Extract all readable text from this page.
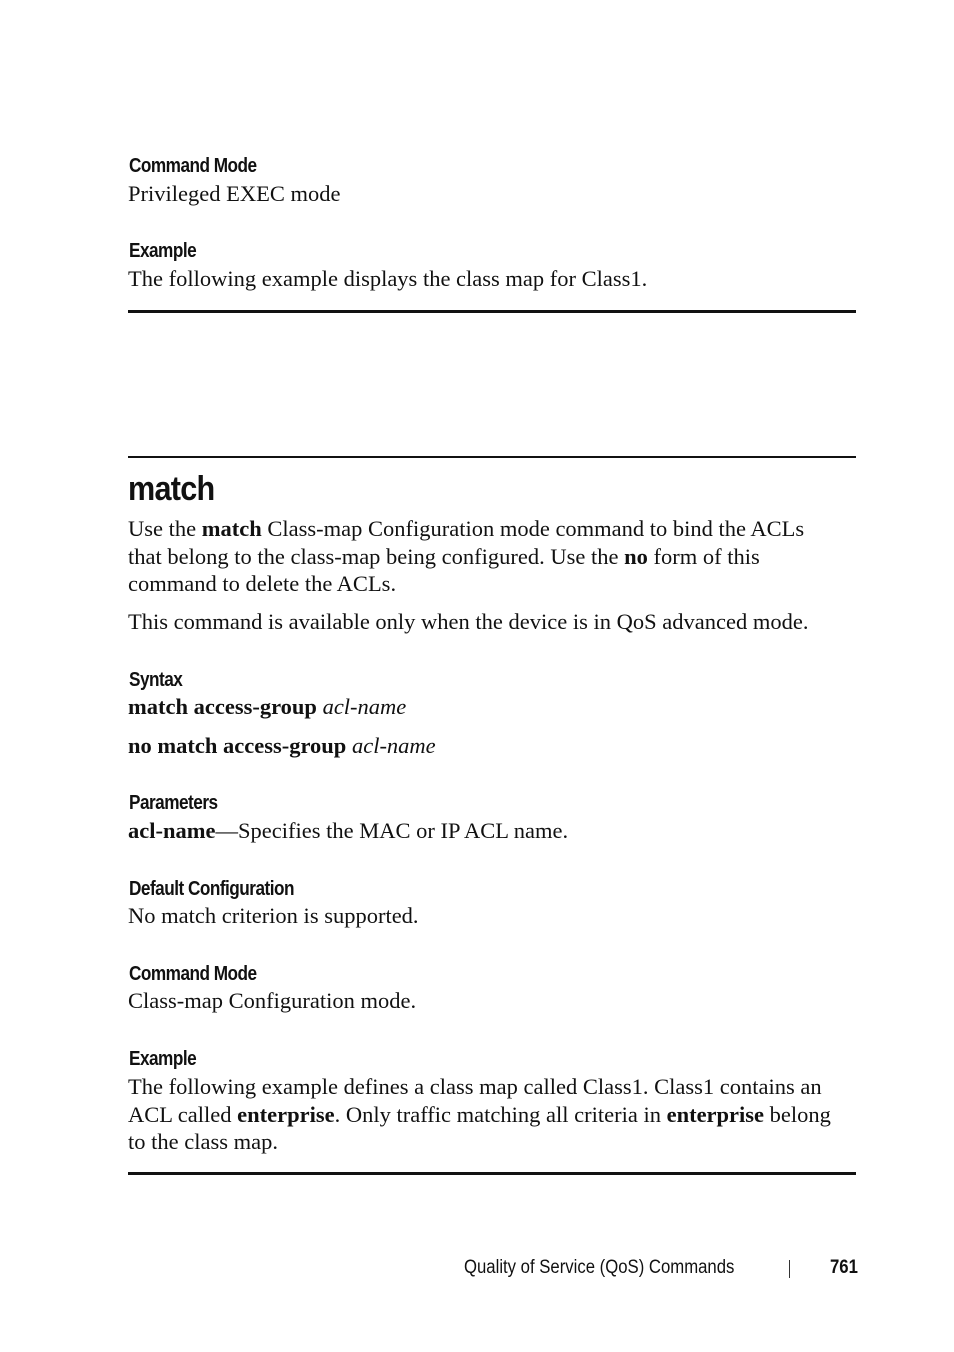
Command Mode
Privileged EXEC mode
Example
The following example displays the class map for Class1.
match
Use the match Class-map Configuration mode command to bind the ACLs
that belong to the class-map being configured. Use the no form of this
command to delete the ACLs.
This command is available only when the device is in QoS advanced mode.
Syntax
match access-group acl-name
no match access-group acl-name
Parameters
acl-name—Specifies the MAC or IP ACL name.
Default Configuration
No match criterion is supported.
Command Mode
Class-map Configuration mode.
Example
The following example defines a class map called Class1. Class1 contains an
ACL called enterprise. Only traffic matching all criteria in enterprise belong
to the class map.
Quality of Service (QoS) Commands	761
